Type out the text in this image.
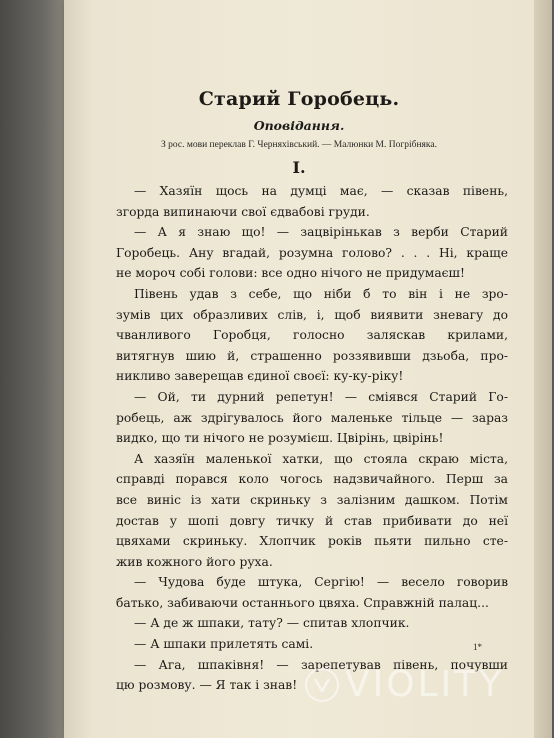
Старий Горобець.
Оповідання.
З рос. мови переклав Г. Черняхівський. — Малюнки М. Погрібняка.
І.
— Хазяїн щось на думці має, — сказав півень,
згорда випинаючи свої єдвабові груди.
— А я знаю що! — зацвірінькав з верби Старий
Горобець. Ану вгадай, розумна голово? . . . Ні, краще
не мороч собі голови: все одно нічого не придумаєш!
Півень удав з себе, що ніби б то він і не зро-
зумів цих образливих слів, і, щоб виявити зневагу до
чванливого Горобця, голосно заляскав крилами,
витягнув шию й, страшенно роззявивши дзьоба, про-
никливо заверещав єдиної своєї: ку-ку-ріку!
— Ой, ти дурний репетун! — сміявся Старий Го-
робець, аж здрігувалось його маленьке тільце — зараз
видко, що ти нічого не розумієш. Цвірінь, цвірінь!
А хазяїн маленької хатки, що стояла скраю міста,
справді порався коло чогось надзвичайного. Перш за
все виніс із хати скриньку з залізним дашком. Потім
достав у шопі довгу тичку й став прибивати до неї
цвяхами скриньку. Хлопчик років пьяти пильно сте-
жив кожного його руха.
— Чудова буде штука, Сергію! — весело говорив
батько, забиваючи останнього цвяха. Справжній палац...
— А де ж шпаки, тату? — спитав хлопчик.
— А шпаки прилетять самі.
— Ага, шпаківня! — зарепетував півень, почувши
цю розмову. — Я так і знав!
1*
VIOLITY
